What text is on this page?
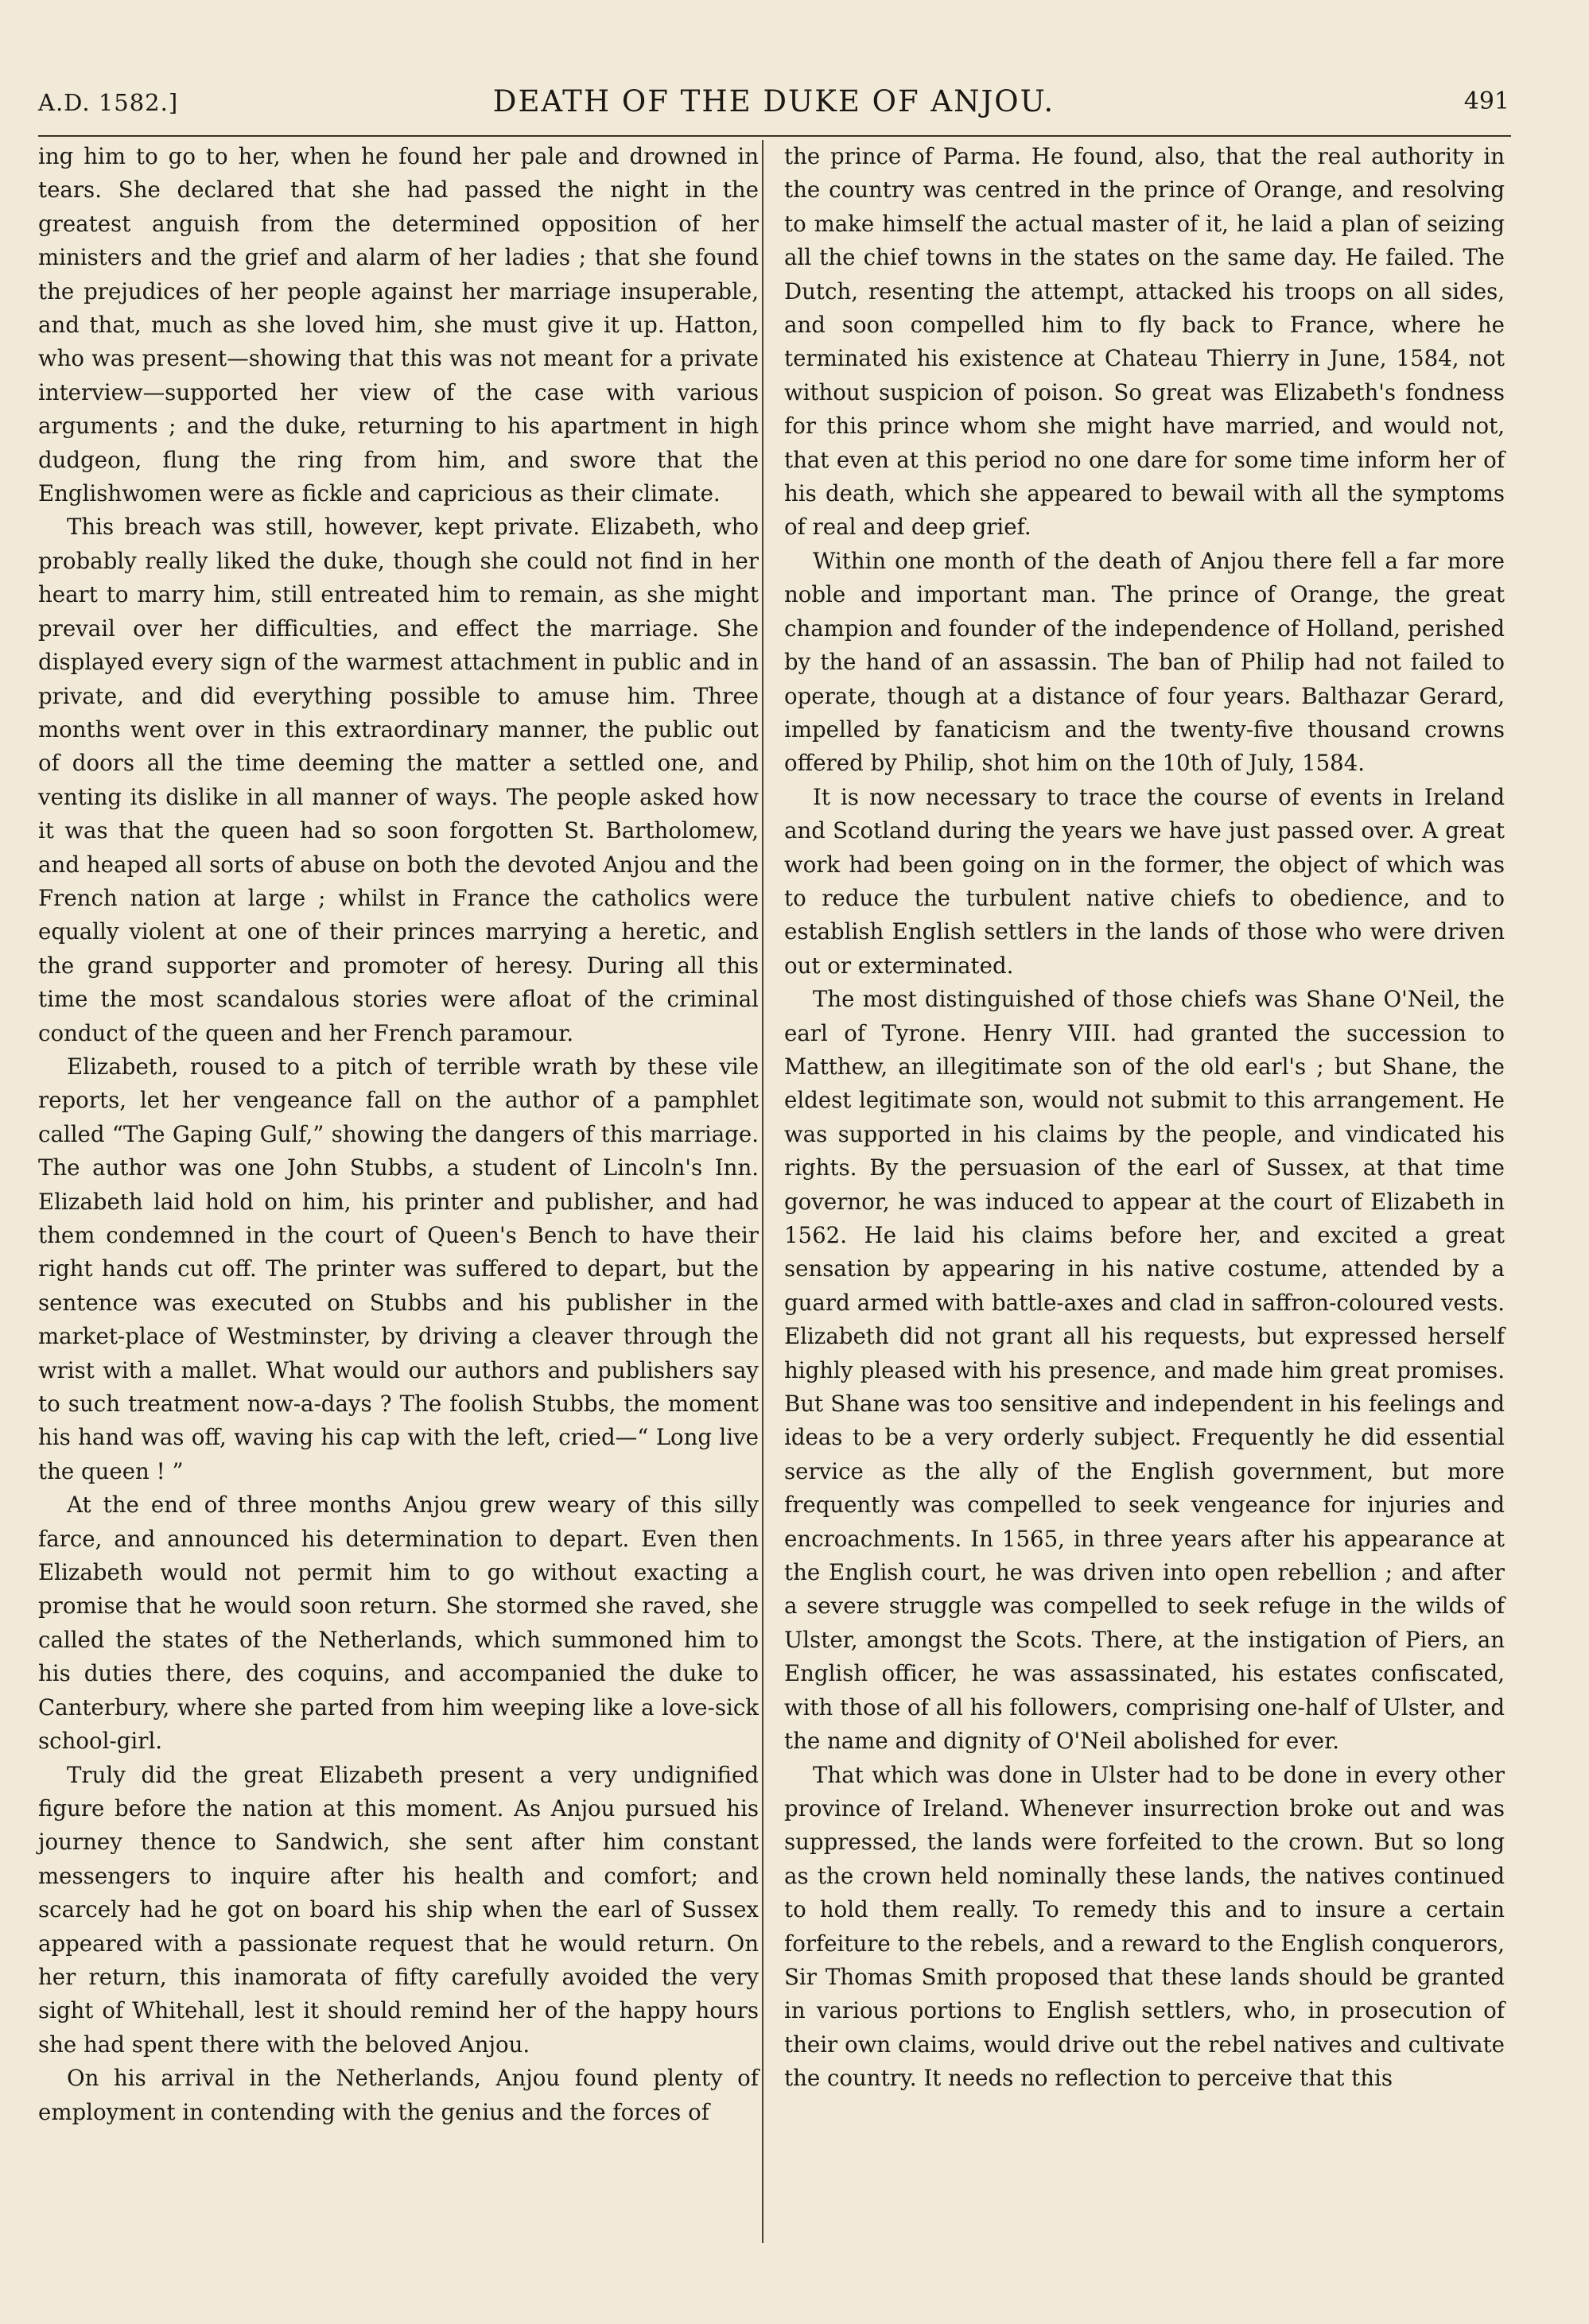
A.D. 1582.]	DEATH OF THE DUKE OF ANJOU.	491

ing him to go to her, when he found her pale and drowned in tears. She declared that she had passed the night in the greatest anguish from the determined opposition of her ministers and the grief and alarm of her ladies ; that she found the prejudices of her people against her marriage insuperable, and that, much as she loved him, she must give it up. Hatton, who was present—showing that this was not meant for a private interview—supported her view of the case with various arguments ; and the duke, returning to his apartment in high dudgeon, flung the ring from him, and swore that the Englishwomen were as fickle and capricious as their climate.

This breach was still, however, kept private. Elizabeth, who probably really liked the duke, though she could not find in her heart to marry him, still entreated him to remain, as she might prevail over her difficulties, and effect the marriage. She displayed every sign of the warmest attachment in public and in private, and did everything possible to amuse him. Three months went over in this extraordinary manner, the public out of doors all the time deeming the matter a settled one, and venting its dislike in all manner of ways. The people asked how it was that the queen had so soon forgotten St. Bartholomew, and heaped all sorts of abuse on both the devoted Anjou and the French nation at large ; whilst in France the catholics were equally violent at one of their princes marrying a heretic, and the grand supporter and promoter of heresy. During all this time the most scandalous stories were afloat of the criminal conduct of the queen and her French paramour.

Elizabeth, roused to a pitch of terrible wrath by these vile reports, let her vengeance fall on the author of a pamphlet called “The Gaping Gulf,” showing the dangers of this marriage. The author was one John Stubbs, a student of Lincoln's Inn. Elizabeth laid hold on him, his printer and publisher, and had them condemned in the court of Queen's Bench to have their right hands cut off. The printer was suffered to depart, but the sentence was executed on Stubbs and his publisher in the market-place of Westminster, by driving a cleaver through the wrist with a mallet. What would our authors and publishers say to such treatment now-a-days ? The foolish Stubbs, the moment his hand was off, waving his cap with the left, cried—“ Long live the queen ! ”

At the end of three months Anjou grew weary of this silly farce, and announced his determination to depart. Even then Elizabeth would not permit him to go without exacting a promise that he would soon return. She stormed she raved, she called the states of the Netherlands, which summoned him to his duties there, des coquins, and accompanied the duke to Canterbury, where she parted from him weeping like a love-sick school-girl.

Truly did the great Elizabeth present a very undignified figure before the nation at this moment. As Anjou pursued his journey thence to Sandwich, she sent after him constant messengers to inquire after his health and comfort; and scarcely had he got on board his ship when the earl of Sussex appeared with a passionate request that he would return. On her return, this inamorata of fifty carefully avoided the very sight of Whitehall, lest it should remind her of the happy hours she had spent there with the beloved Anjou.

On his arrival in the Netherlands, Anjou found plenty of employment in contending with the genius and the forces of

the prince of Parma. He found, also, that the real authority in the country was centred in the prince of Orange, and resolving to make himself the actual master of it, he laid a plan of seizing all the chief towns in the states on the same day. He failed. The Dutch, resenting the attempt, attacked his troops on all sides, and soon compelled him to fly back to France, where he terminated his existence at Chateau Thierry in June, 1584, not without suspicion of poison. So great was Elizabeth's fondness for this prince whom she might have married, and would not, that even at this period no one dare for some time inform her of his death, which she appeared to bewail with all the symptoms of real and deep grief.

Within one month of the death of Anjou there fell a far more noble and important man. The prince of Orange, the great champion and founder of the independence of Holland, perished by the hand of an assassin. The ban of Philip had not failed to operate, though at a distance of four years. Balthazar Gerard, impelled by fanaticism and the twenty-five thousand crowns offered by Philip, shot him on the 10th of July, 1584.

It is now necessary to trace the course of events in Ireland and Scotland during the years we have just passed over. A great work had been going on in the former, the object of which was to reduce the turbulent native chiefs to obedience, and to establish English settlers in the lands of those who were driven out or exterminated.

The most distinguished of those chiefs was Shane O'Neil, the earl of Tyrone. Henry VIII. had granted the succession to Matthew, an illegitimate son of the old earl's ; but Shane, the eldest legitimate son, would not submit to this arrangement. He was supported in his claims by the people, and vindicated his rights. By the persuasion of the earl of Sussex, at that time governor, he was induced to appear at the court of Elizabeth in 1562. He laid his claims before her, and excited a great sensation by appearing in his native costume, attended by a guard armed with battle-axes and clad in saffron-coloured vests. Elizabeth did not grant all his requests, but expressed herself highly pleased with his presence, and made him great promises. But Shane was too sensitive and independent in his feelings and ideas to be a very orderly subject. Frequently he did essential service as the ally of the English government, but more frequently was compelled to seek vengeance for injuries and encroachments. In 1565, in three years after his appearance at the English court, he was driven into open rebellion ; and after a severe struggle was compelled to seek refuge in the wilds of Ulster, amongst the Scots. There, at the instigation of Piers, an English officer, he was assassinated, his estates confiscated, with those of all his followers, comprising one-half of Ulster, and the name and dignity of O'Neil abolished for ever.

That which was done in Ulster had to be done in every other province of Ireland. Whenever insurrection broke out and was suppressed, the lands were forfeited to the crown. But so long as the crown held nominally these lands, the natives continued to hold them really. To remedy this and to insure a certain forfeiture to the rebels, and a reward to the English conquerors, Sir Thomas Smith proposed that these lands should be granted in various portions to English settlers, who, in prosecution of their own claims, would drive out the rebel natives and cultivate the country. It needs no reflection to perceive that this
